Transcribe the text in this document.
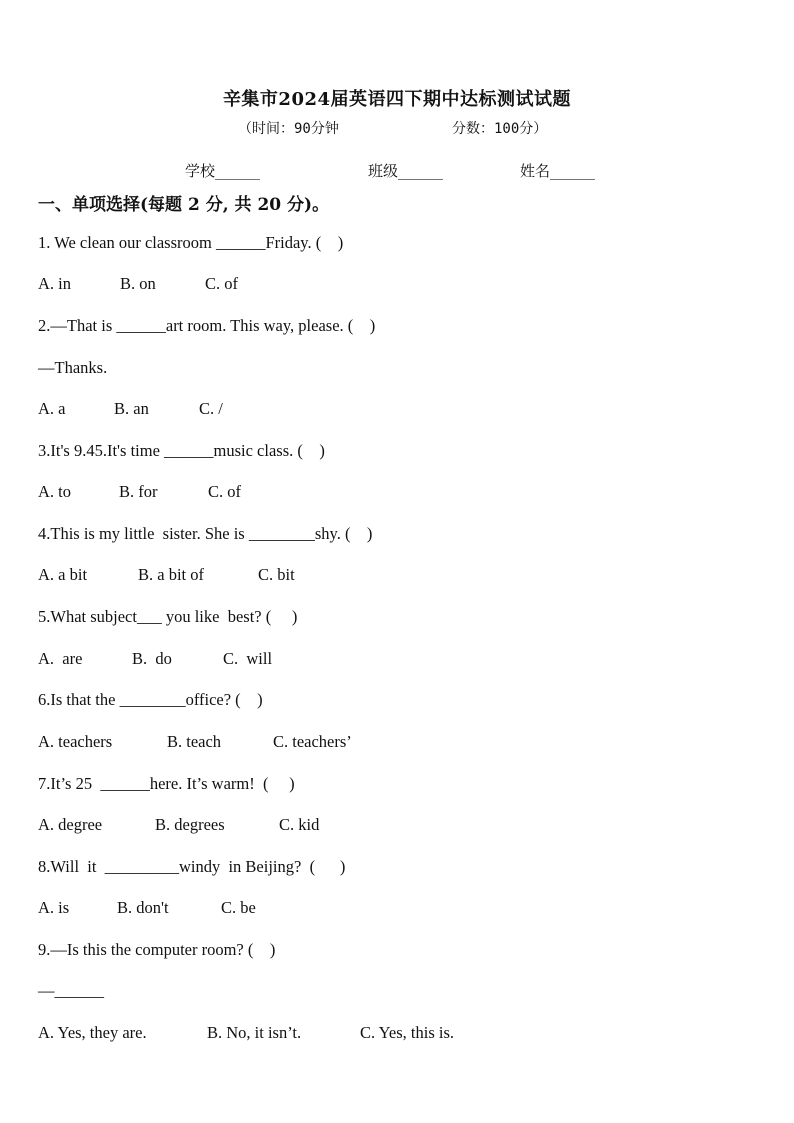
辛集市2024届英语四下期中达标测试试题
（时间：90分钟	分数：100分）
学校______	班级______	姓名______
一、单项选择(每题 2 分, 共 20 分)。
1. We clean our classroom ______Friday. (    )
A. in	B. on	C. of
2.—That is ______art room. This way, please. (    )
—Thanks.
A. a	B. an	C. /
3.It's 9.45.It's time ______music class. (    )
A. to	B. for	C. of
4.This is my little  sister. She is ________shy. (    )
A. a bit	B. a bit of	C. bit
5.What subject___ you like  best? (     )
A.  are	B.  do	C.  will
6.Is that the ________office? (    )
A. teachers	B. teach	C. teachers’
7.It’s 25  ______here. It’s warm!  (     )
A. degree	B. degrees	C. kid
8.Will  it  _________windy  in Beijing?  (      )
A. is	B. don't	C. be
9.—Is this the computer room? (    )
—______
A. Yes, they are.	B. No, it isn’t.	C. Yes, this is.
